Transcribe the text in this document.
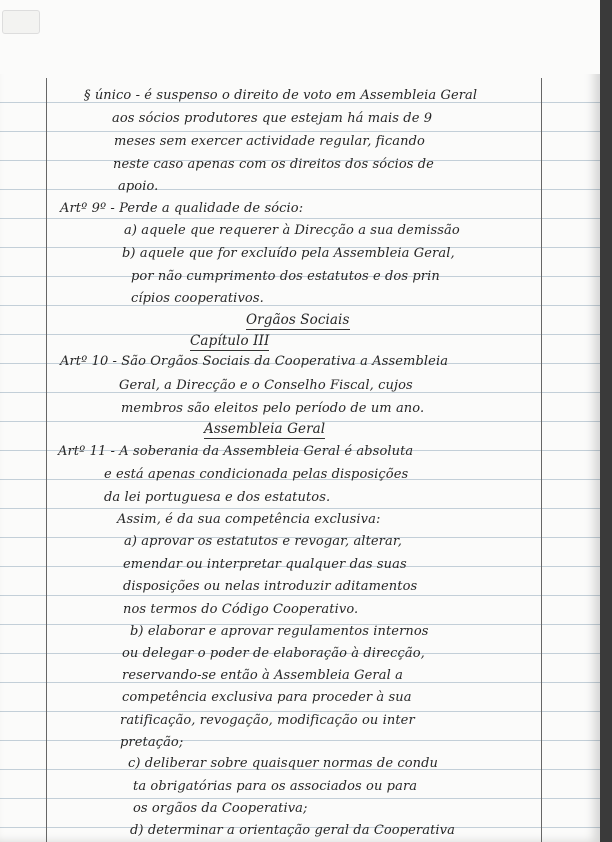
§ único - é suspenso o direito de voto em Assembleia Geral
aos sócios produtores que estejam há mais de 9
meses sem exercer actividade regular, ficando
neste caso apenas com os direitos dos sócios de
apoio.
Artº 9º - Perde a qualidade de sócio:
a) aquele que requerer à Direcção a sua demissão
b) aquele que for excluído pela Assembleia Geral,
por não cumprimento dos estatutos e dos prin
cípios cooperativos.
Orgãos Sociais
Capítulo III
Artº 10 - São Orgãos Sociais da Cooperativa a Assembleia
Geral, a Direcção e o Conselho Fiscal, cujos
membros são eleitos pelo período de um ano.
Assembleia Geral
Artº 11 - A soberania da Assembleia Geral é absoluta
e está apenas condicionada pelas disposições
da lei portuguesa e dos estatutos.
Assim, é da sua competência exclusiva:
a) aprovar os estatutos e revogar, alterar,
emendar ou interpretar qualquer das suas
disposições ou nelas introduzir aditamentos
nos termos do Código Cooperativo.
b) elaborar e aprovar regulamentos internos
ou delegar o poder de elaboração à direcção,
reservando-se então à Assembleia Geral a
competência exclusiva para proceder à sua
ratificação, revogação, modificação ou inter
pretação;
c) deliberar sobre quaisquer normas de condu
ta obrigatórias para os associados ou para
os orgãos da Cooperativa;
d) determinar a orientação geral da Cooperativa
